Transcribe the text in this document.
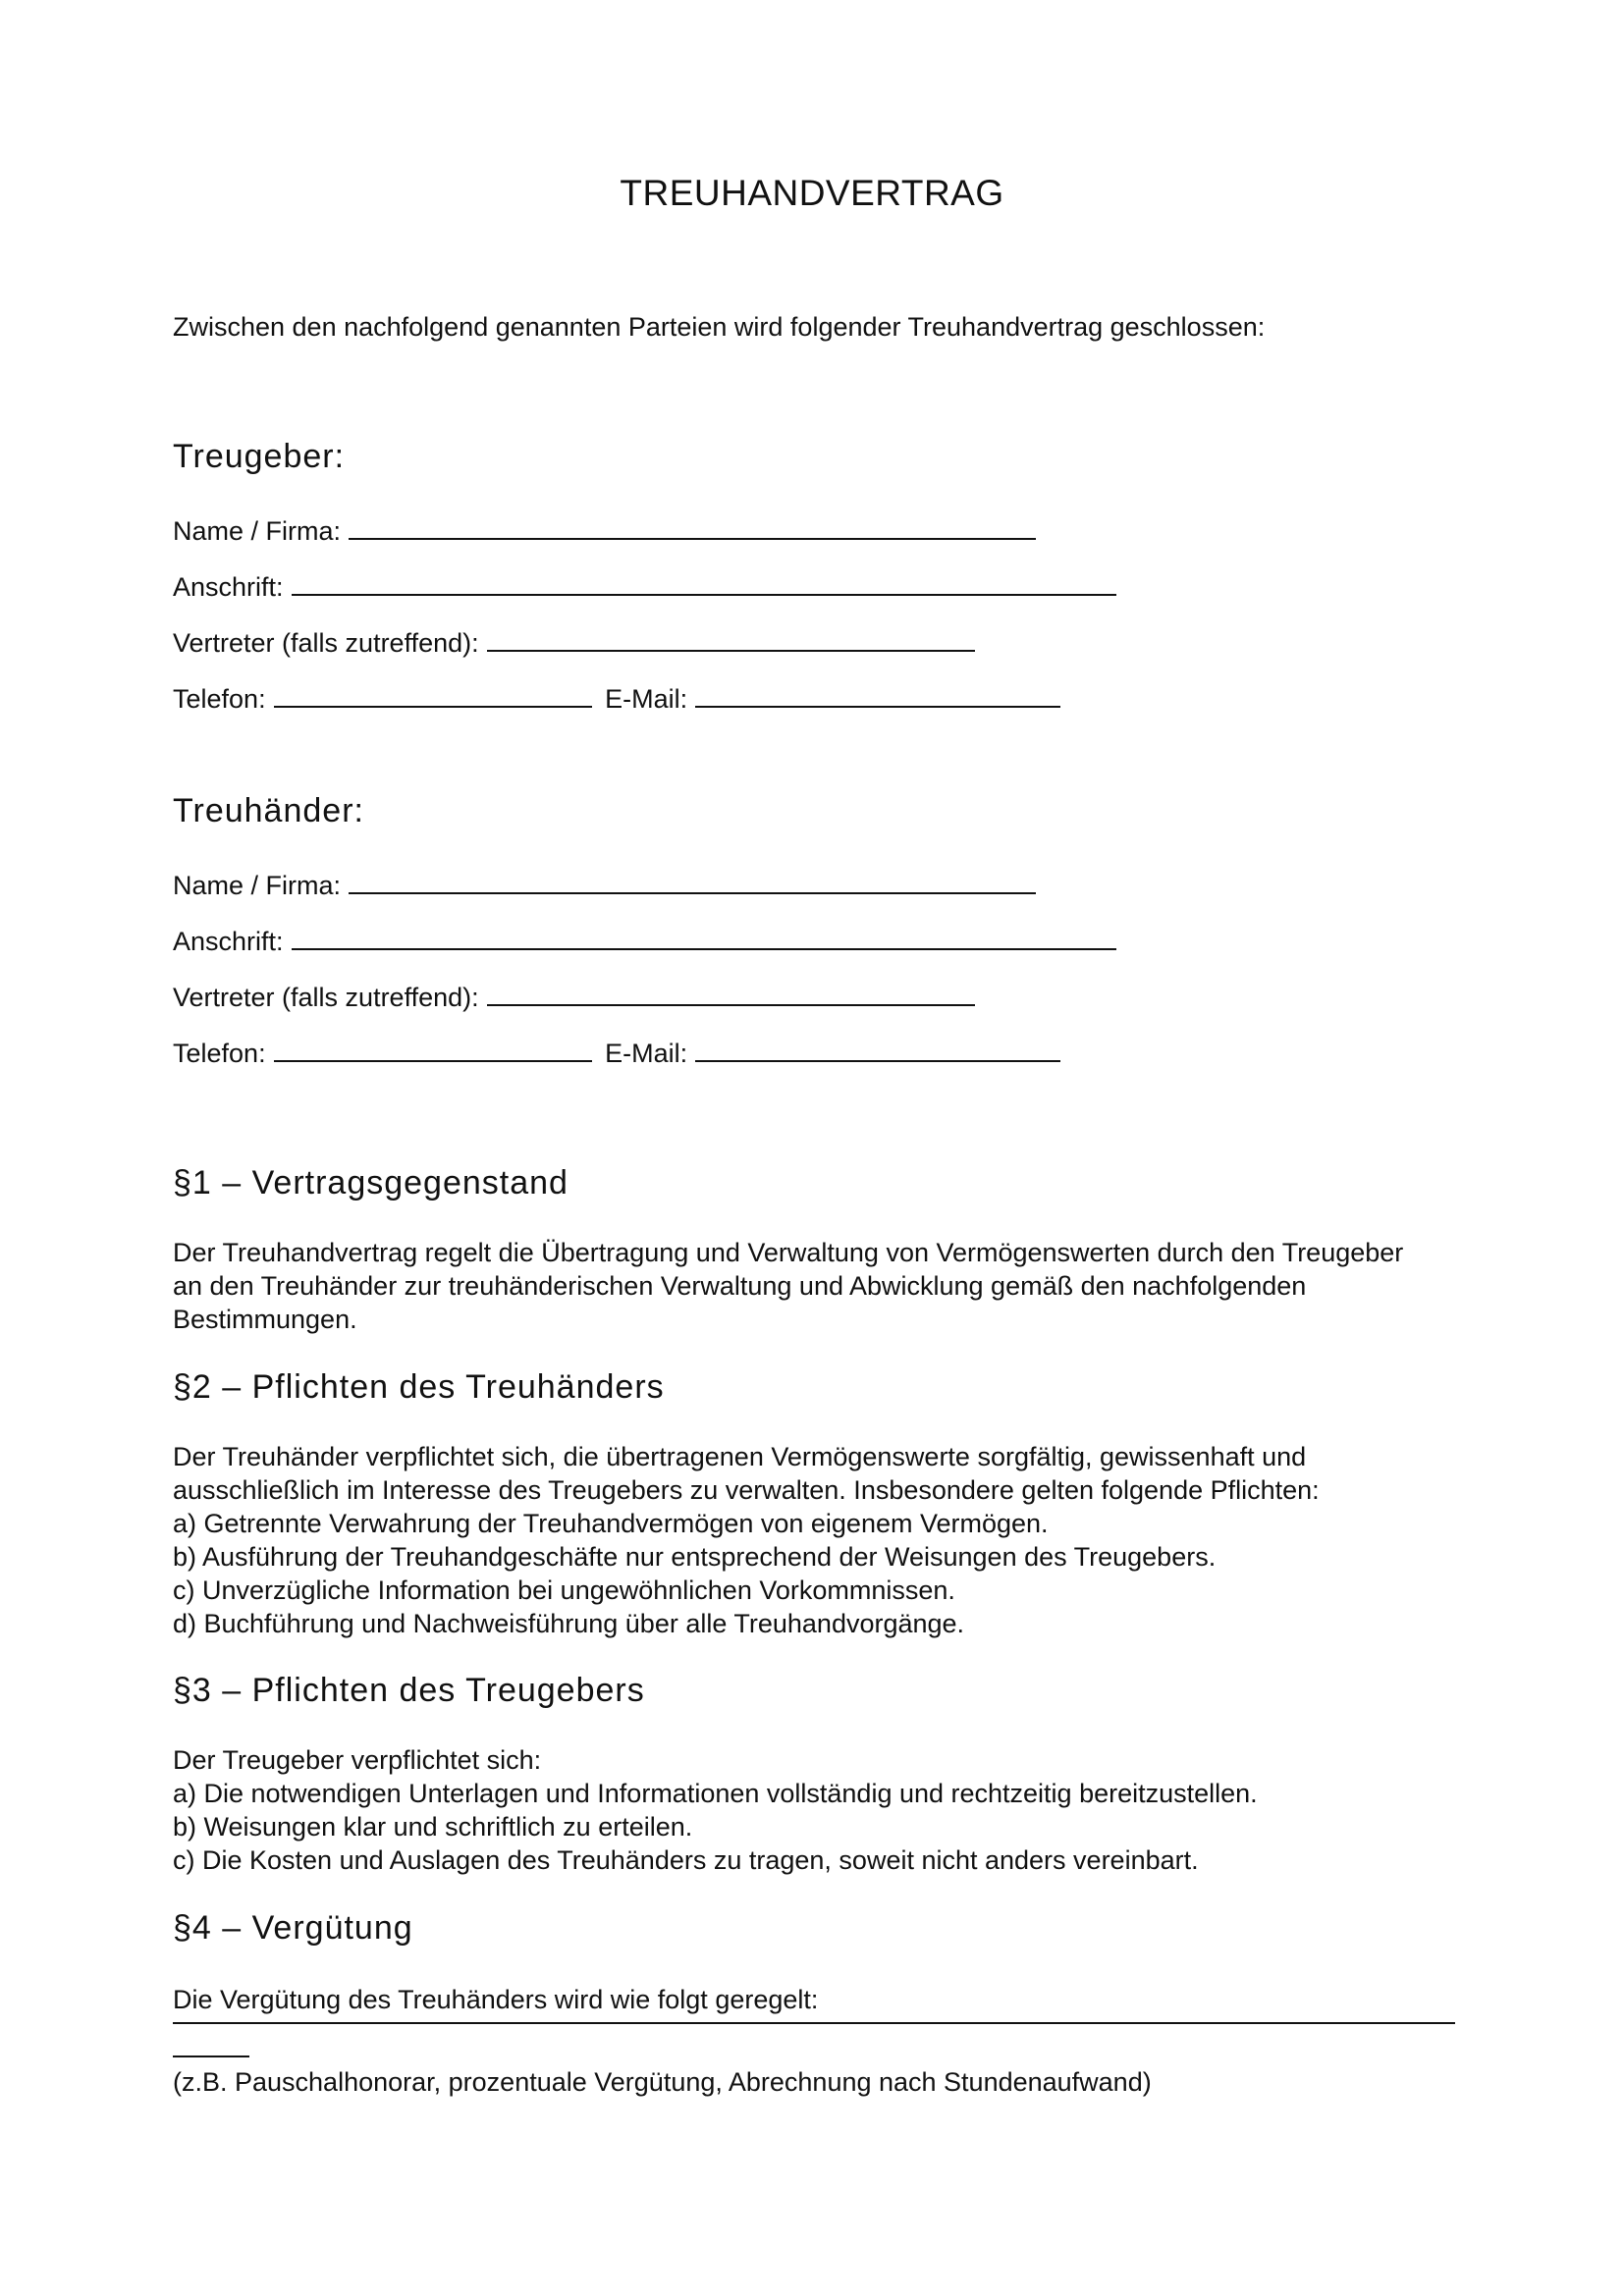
TREUHANDVERTRAG
Zwischen den nachfolgend genannten Parteien wird folgender Treuhandvertrag geschlossen:
Treugeber:
Name / Firma:
Anschrift:
Vertreter (falls zutreffend):
Telefon:	E-Mail:
Treuhänder:
Name / Firma:
Anschrift:
Vertreter (falls zutreffend):
Telefon:	E-Mail:
§1 – Vertragsgegenstand
Der Treuhandvertrag regelt die Übertragung und Verwaltung von Vermögenswerten durch den Treugeber
an den Treuhänder zur treuhänderischen Verwaltung und Abwicklung gemäß den nachfolgenden
Bestimmungen.
§2 – Pflichten des Treuhänders
Der Treuhänder verpflichtet sich, die übertragenen Vermögenswerte sorgfältig, gewissenhaft und
ausschließlich im Interesse des Treugebers zu verwalten. Insbesondere gelten folgende Pflichten:
a) Getrennte Verwahrung der Treuhandvermögen von eigenem Vermögen.
b) Ausführung der Treuhandgeschäfte nur entsprechend der Weisungen des Treugebers.
c) Unverzügliche Information bei ungewöhnlichen Vorkommnissen.
d) Buchführung und Nachweisführung über alle Treuhandvorgänge.
§3 – Pflichten des Treugebers
Der Treugeber verpflichtet sich:
a) Die notwendigen Unterlagen und Informationen vollständig und rechtzeitig bereitzustellen.
b) Weisungen klar und schriftlich zu erteilen.
c) Die Kosten und Auslagen des Treuhänders zu tragen, soweit nicht anders vereinbart.
§4 – Vergütung
Die Vergütung des Treuhänders wird wie folgt geregelt:
(z.B. Pauschalhonorar, prozentuale Vergütung, Abrechnung nach Stundenaufwand)
